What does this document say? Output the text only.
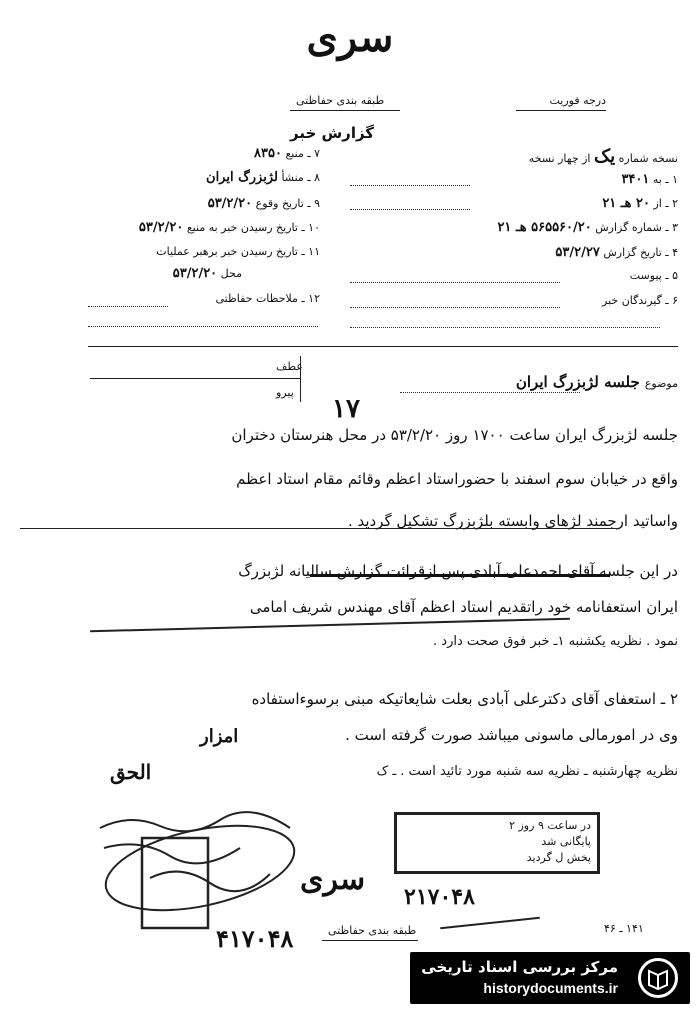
سری
درجه فوریت
طبقه بندی حفاظتی
گزارش خبر
نسخه شماره یک از چهار نسخه
۱ ـ به ۳۴۰۱
۲ ـ از ۲۰ هـ ۲۱
۳ ـ شماره گزارش ۵۶۵۵۶۰/۲۰ هـ ۲۱
۴ ـ تاریخ گزارش ۵۳/۲/۲۷
۵ ـ پیوست
۶ ـ گیرندگان خبر
۷ ـ منبع ۸۳۵۰
۸ ـ منشأ لژبزرگ ایران
۹ ـ تاریخ وقوع ۵۳/۲/۲۰
۱۰ ـ تاریخ رسیدن خبر به منبع ۵۳/۲/۲۰
۱۱ ـ تاریخ رسیدن خبر برهبر عملیات
محل ۵۳/۲/۲۰
۱۲ ـ ملاحظات حفاظتی
عطف
پیرو
موضوع جلسه لژبزرگ ایران
۱۷
جلسه لژبزرگ ایران ساعت ۱۷۰۰ روز ۵۳/۲/۲۰ در محل هنرستان دختران
واقع در خیابان سوم اسفند با حضوراستاد اعظم وقائم مقام استاد اعظم
واساتید ارجمند لژهای وابسته بلژبزرگ تشکیل گردید .
در این جلسه آقای احمدعلی آبادی پس ازقرائت گزارش سالیانه لژبزرگ
ایران استعفانامه خود راتقدیم استاد اعظم آقای مهندس شریف امامی
نمود . نظریه یکشنبه ۱ـ خبر فوق صحت دارد .
۲ ـ استعفای آقای دکترعلی آبادی بعلت شایعاتیکه مبنی برسوءاستفاده
وی در امورمالی ماسونی میباشد صورت گرفته است .
نظریه چهارشنبه ـ نظریه سه شنبه مورد تائید است . ـ ک
امزار
الحق
در ساعت ۹ روز ۲
پایگانی شد
پخش ل گردید
۴۱۷۰۴۸
۲۱۷۰۴۸
سری
طبقه بندی حفاظتی	۱۴۱ ـ ۴۶
مرکز بررسی اسناد تاریخی
historydocuments.ir
